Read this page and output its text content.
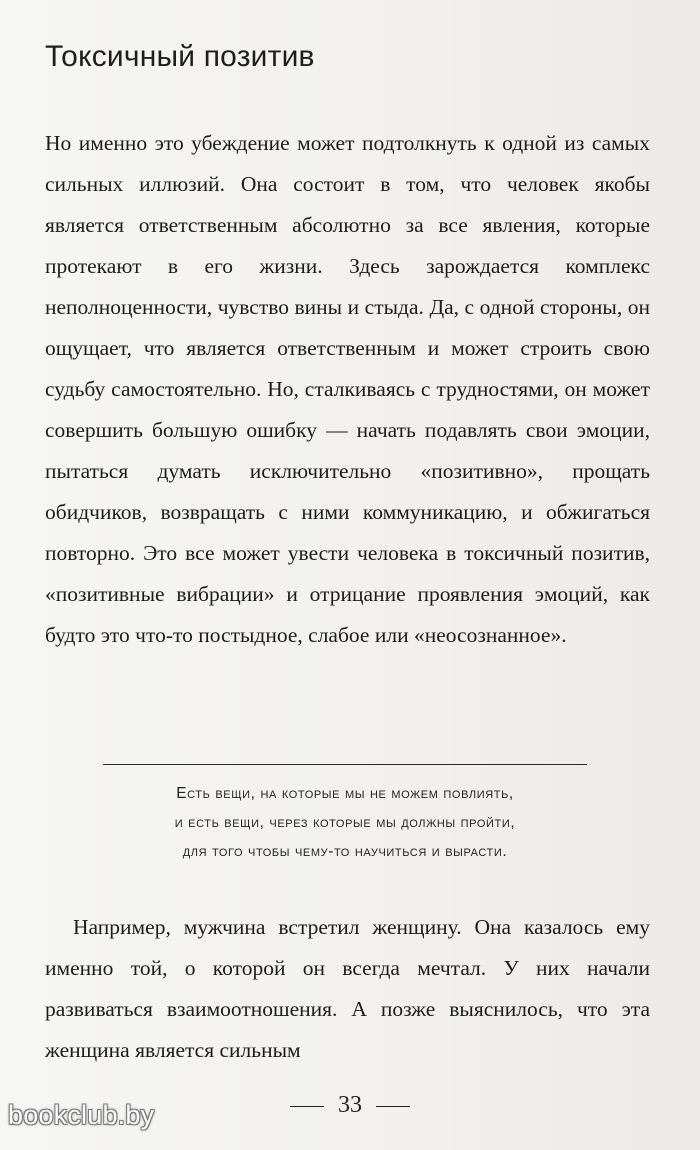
Токсичный позитив

Но именно это убеждение может подтолкнуть к одной из самых сильных иллюзий. Она состоит в том, что человек якобы является ответственным абсолютно за все явления, которые протекают в его жизни. Здесь зарождается комплекс неполноценности, чувство вины и стыда. Да, с одной стороны, он ощущает, что является ответственным и может строить свою судьбу самостоятельно. Но, сталкиваясь с трудностями, он может совершить большую ошибку — начать подавлять свои эмоции, пытаться думать исключительно «позитивно», прощать обидчиков, возвращать с ними коммуникацию, и обжигаться повторно. Это все может увести человека в токсичный позитив, «позитивные вибрации» и отрицание проявления эмоций, как будто это что-то постыдное, слабое или «неосознанное».

Есть вещи, на которые мы не можем повлиять,
и есть вещи, через которые мы должны пройти,
для того чтобы чему-то научиться и вырасти.

Например, мужчина встретил женщину. Она казалось ему именно той, о которой он всегда мечтал. У них начали развиваться взаимоотношения. А позже выяснилось, что эта женщина является сильным

33
bookclub.by
